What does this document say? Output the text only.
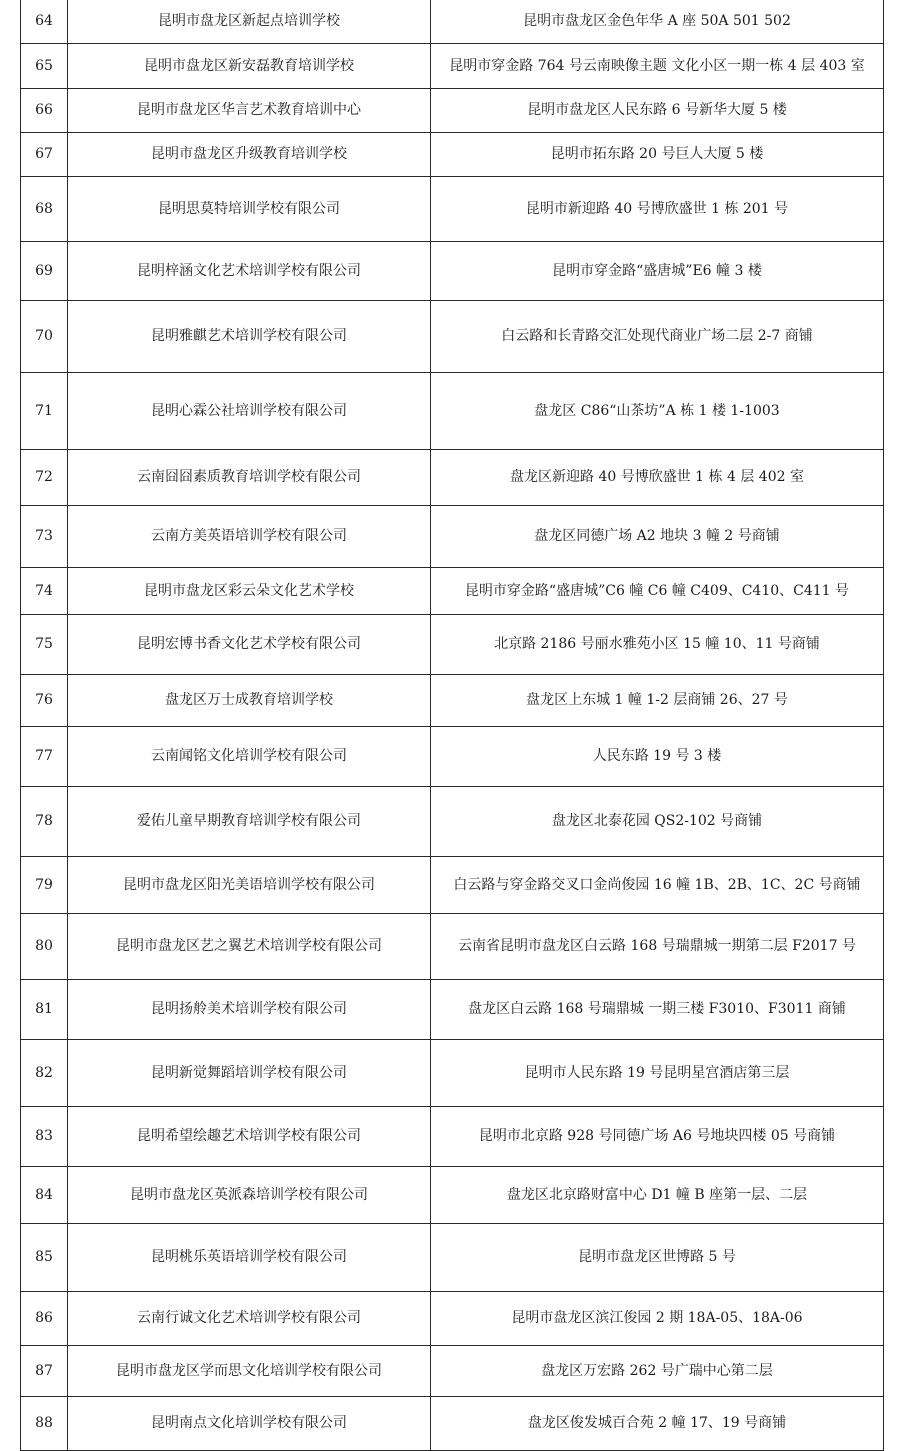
64	昆明市盘龙区新起点培训学校	昆明市盘龙区金色年华 A 座 50A 501 502
65	昆明市盘龙区新安磊教育培训学校	昆明市穿金路 764 号云南映像主题 文化小区一期一栋 4 层 403 室
66	昆明市盘龙区华言艺术教育培训中心	昆明市盘龙区人民东路 6 号新华大厦 5 楼
67	昆明市盘龙区升级教育培训学校	昆明市拓东路 20 号巨人大厦 5 楼
68	昆明思莫特培训学校有限公司	昆明市新迎路 40 号博欣盛世 1 栋 201 号
69	昆明梓涵文化艺术培训学校有限公司	昆明市穿金路“盛唐城”E6 幢 3 楼
70	昆明雅麒艺术培训学校有限公司	白云路和长青路交汇处现代商业广场二层 2-7 商铺
71	昆明心霖公社培训学校有限公司	盘龙区 C86“山茶坊”A 栋 1 楼 1-1003
72	云南囧囧素质教育培训学校有限公司	盘龙区新迎路 40 号博欣盛世 1 栋 4 层 402 室
73	云南方美英语培训学校有限公司	盘龙区同德广场 A2 地块 3 幢 2 号商铺
74	昆明市盘龙区彩云朵文化艺术学校	昆明市穿金路“盛唐城”C6 幢 C6 幢 C409、C410、C411 号
75	昆明宏博书香文化艺术学校有限公司	北京路 2186 号丽水雅苑小区 15 幢 10、11 号商铺
76	盘龙区万士成教育培训学校	盘龙区上东城 1 幢 1-2 层商铺 26、27 号
77	云南闻铭文化培训学校有限公司	人民东路 19 号 3 楼
78	爱佑儿童早期教育培训学校有限公司	盘龙区北泰花园 QS2-102 号商铺
79	昆明市盘龙区阳光美语培训学校有限公司	白云路与穿金路交叉口金尚俊园 16 幢 1B、2B、1C、2C 号商铺
80	昆明市盘龙区艺之翼艺术培训学校有限公司	云南省昆明市盘龙区白云路 168 号瑞鼎城一期第二层 F2017 号
81	昆明扬舲美术培训学校有限公司	盘龙区白云路 168 号瑞鼎城 一期三楼 F3010、F3011 商铺
82	昆明新觉舞蹈培训学校有限公司	昆明市人民东路 19 号昆明星宫酒店第三层
83	昆明希望绘趣艺术培训学校有限公司	昆明市北京路 928 号同德广场 A6 号地块四楼 05 号商铺
84	昆明市盘龙区英派森培训学校有限公司	盘龙区北京路财富中心 D1 幢 B 座第一层、二层
85	昆明桃乐英语培训学校有限公司	昆明市盘龙区世博路 5 号
86	云南行诚文化艺术培训学校有限公司	昆明市盘龙区滨江俊园 2 期 18A-05、18A-06
87	昆明市盘龙区学而思文化培训学校有限公司	盘龙区万宏路 262 号广瑞中心第二层
88	昆明南点文化培训学校有限公司	盘龙区俊发城百合苑 2 幢 17、19 号商铺
